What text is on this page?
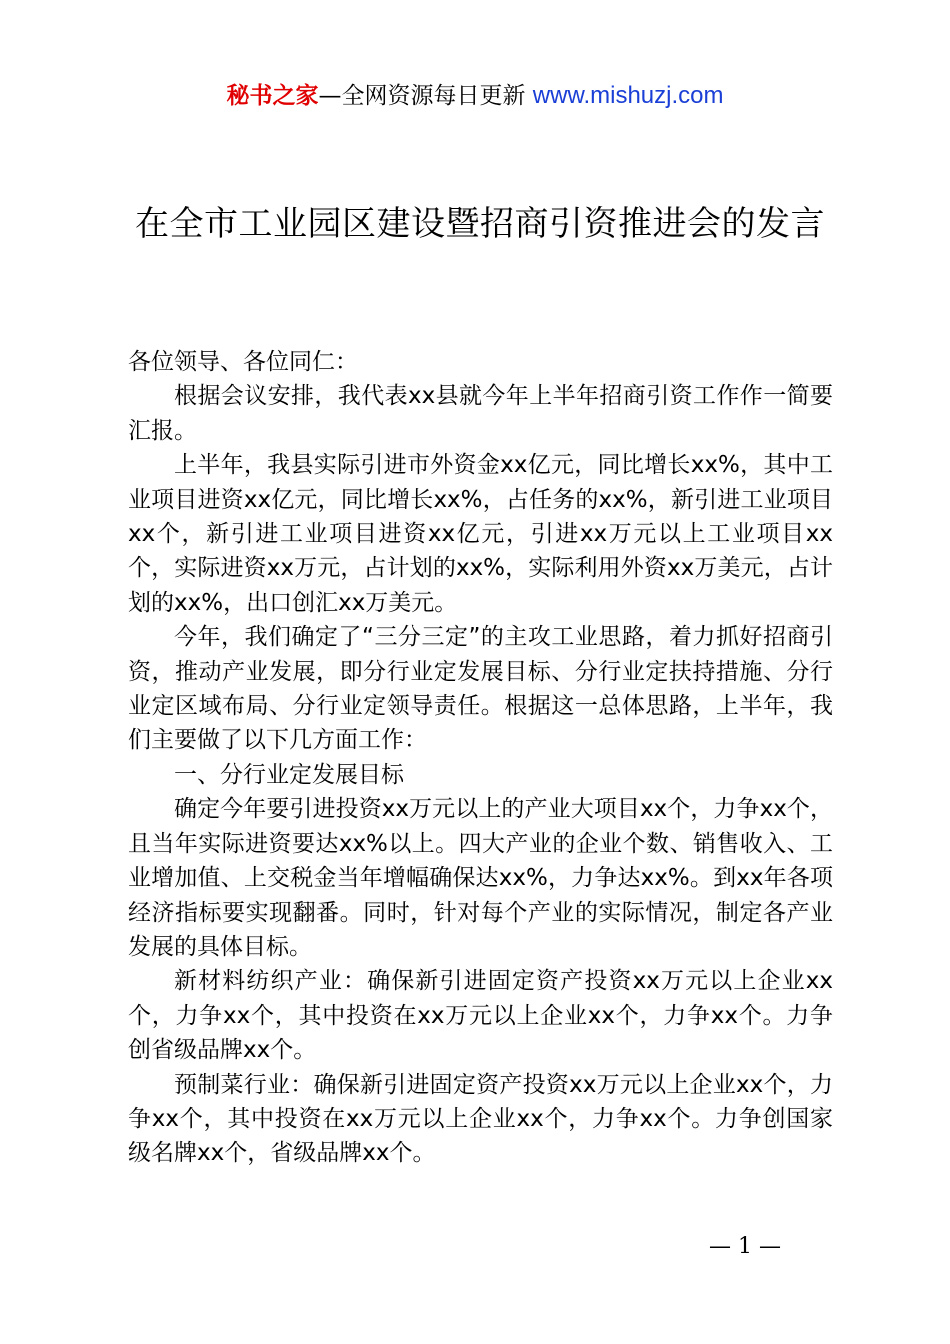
秘书之家—全网资源每日更新 www.mishuzj.com
在全市工业园区建设暨招商引资推进会的发言

各位领导、各位同仁：

根据会议安排，我代表xx县就今年上半年招商引资工作作一简要汇报。

上半年，我县实际引进市外资金xx亿元，同比增长xx%，其中工业项目进资xx亿元，同比增长xx%，占任务的xx%，新引进工业项目xx个，新引进工业项目进资xx亿元，引进xx万元以上工业项目xx个，实际进资xx万元，占计划的xx%，实际利用外资xx万美元，占计划的xx%，出口创汇xx万美元。

今年，我们确定了“三分三定”的主攻工业思路，着力抓好招商引资，推动产业发展，即分行业定发展目标、分行业定扶持措施、分行业定区域布局、分行业定领导责任。根据这一总体思路，上半年，我们主要做了以下几方面工作：

一、分行业定发展目标

确定今年要引进投资xx万元以上的产业大项目xx个，力争xx个，且当年实际进资要达xx%以上。四大产业的企业个数、销售收入、工业增加值、上交税金当年增幅确保达xx%，力争达xx%。到xx年各项经济指标要实现翻番。同时，针对每个产业的实际情况，制定各产业发展的具体目标。

新材料纺织产业：确保新引进固定资产投资xx万元以上企业xx个，力争xx个，其中投资在xx万元以上企业xx个，力争xx个。力争创省级品牌xx个。

预制菜行业：确保新引进固定资产投资xx万元以上企业xx个，力争xx个，其中投资在xx万元以上企业xx个，力争xx个。力争创国家级名牌xx个，省级品牌xx个。

— 1 —
